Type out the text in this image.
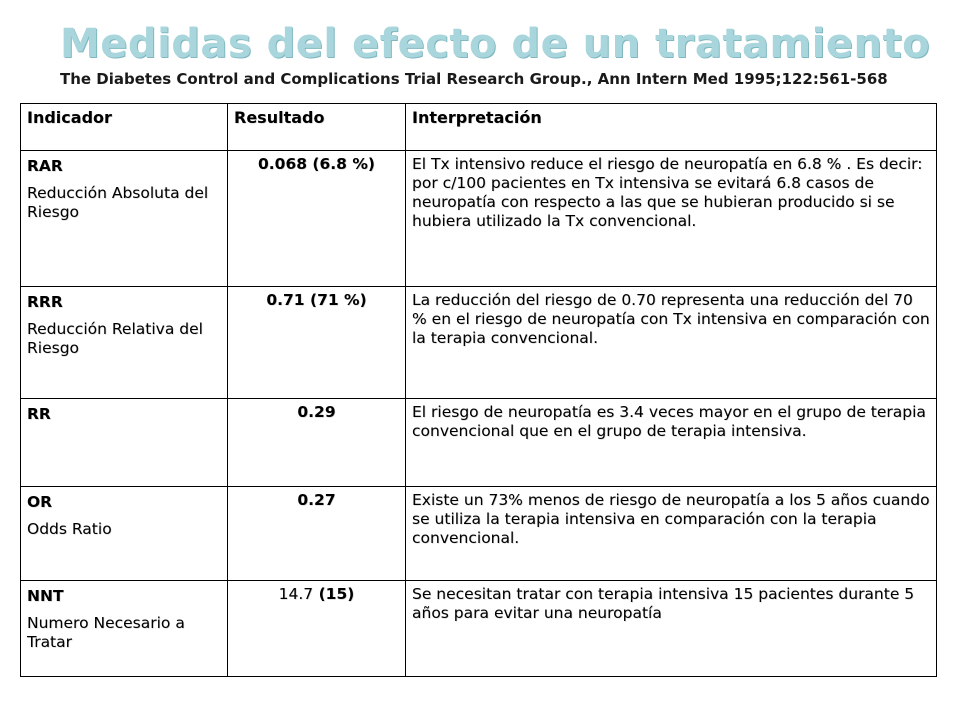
Medidas del efecto de un tratamiento
The Diabetes Control and Complications Trial Research Group., Ann Intern Med 1995;122:561-568
Indicador	Resultado	Interpretación

RAR
Reducción Absoluta del Riesgo	0.068 (6.8 %)	El Tx intensivo reduce el riesgo de neuropatía en 6.8 % . Es decir: por c/100 pacientes en Tx intensiva se evitará 6.8 casos de neuropatía con respecto a las que se hubieran producido si se hubiera utilizado la Tx convencional.

RRR
Reducción Relativa del Riesgo	0.71 (71 %)	La reducción del riesgo de 0.70 representa una reducción del 70 % en el riesgo de neuropatía con Tx intensiva en comparación con la terapia convencional.

RR	0.29	El riesgo de neuropatía es 3.4 veces mayor en el grupo de terapia convencional que en el grupo de terapia intensiva.

OR
Odds Ratio	0.27	Existe un 73% menos de riesgo de neuropatía a los 5 años cuando se utiliza la terapia intensiva en comparación con la terapia convencional.

NNT
Numero Necesario a Tratar	14.7 (15)	Se necesitan tratar con terapia intensiva 15 pacientes durante 5 años para evitar una neuropatía
